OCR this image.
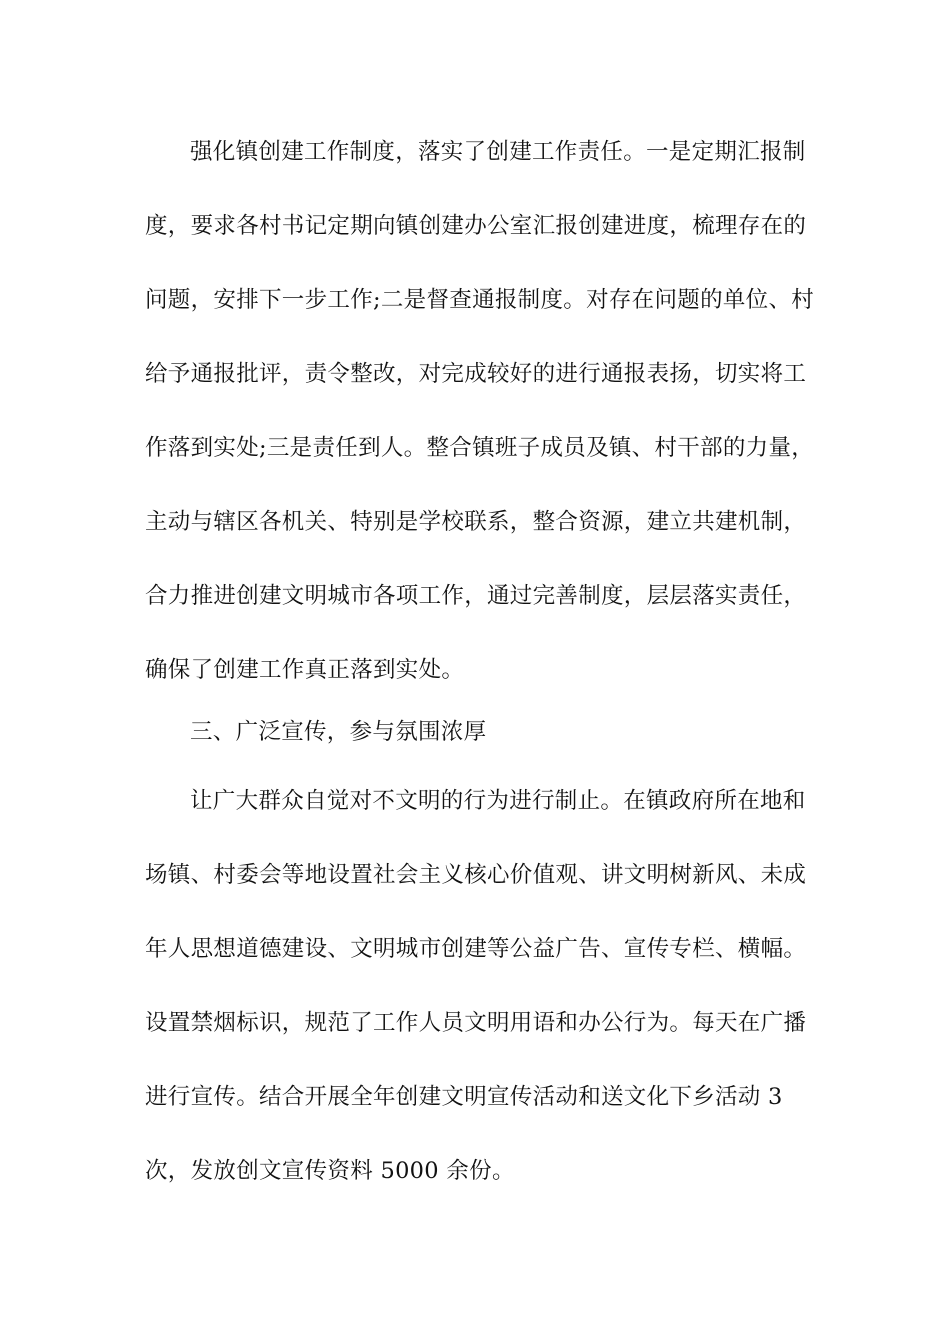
强化镇创建工作制度，落实了创建工作责任。一是定期汇报制
度，要求各村书记定期向镇创建办公室汇报创建进度，梳理存在的
问题，安排下一步工作;二是督查通报制度。对存在问题的单位、村
给予通报批评，责令整改，对完成较好的进行通报表扬，切实将工
作落到实处;三是责任到人。整合镇班子成员及镇、村干部的力量，
主动与辖区各机关、特别是学校联系，整合资源，建立共建机制，
合力推进创建文明城市各项工作，通过完善制度，层层落实责任，
确保了创建工作真正落到实处。
三、广泛宣传，参与氛围浓厚
让广大群众自觉对不文明的行为进行制止。在镇政府所在地和
场镇、村委会等地设置社会主义核心价值观、讲文明树新风、未成
年人思想道德建设、文明城市创建等公益广告、宣传专栏、横幅。
设置禁烟标识，规范了工作人员文明用语和办公行为。每天在广播
进行宣传。结合开展全年创建文明宣传活动和送文化下乡活动 3
次，发放创文宣传资料 5000 余份。
